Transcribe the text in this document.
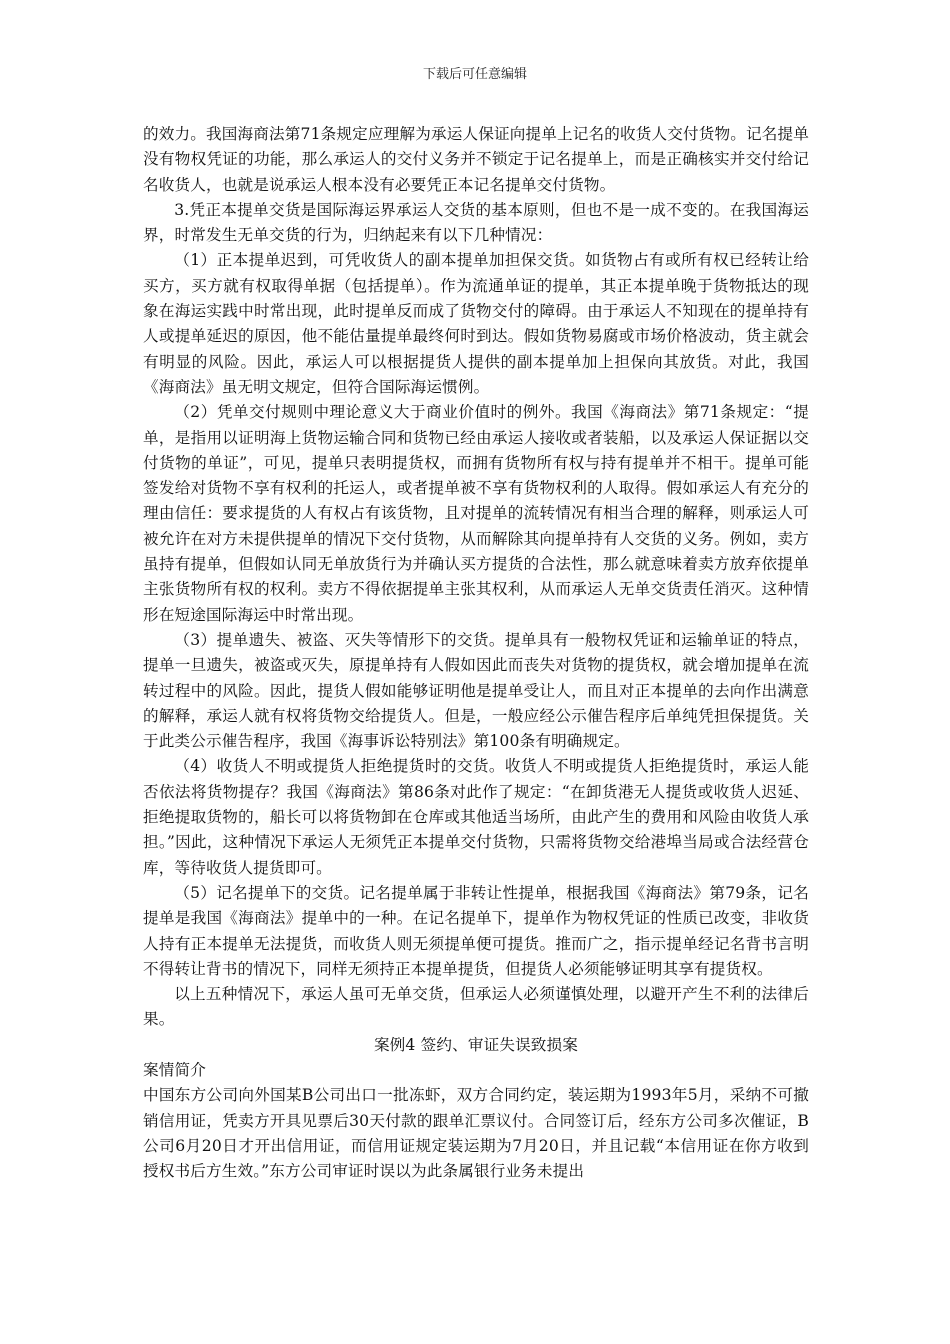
下载后可任意编辑

的效力。我国海商法第71条规定应理解为承运人保证向提单上记名的收货人交付货物。记名提单没有物权凭证的功能，那么承运人的交付义务并不锁定于记名提单上，而是正确核实并交付给记名收货人，也就是说承运人根本没有必要凭正本记名提单交付货物。

3.凭正本提单交货是国际海运界承运人交货的基本原则，但也不是一成不变的。在我国海运界，时常发生无单交货的行为，归纳起来有以下几种情况：

（1）正本提单迟到，可凭收货人的副本提单加担保交货。如货物占有或所有权已经转让给买方，买方就有权取得单据（包括提单）。作为流通单证的提单，其正本提单晚于货物抵达的现象在海运实践中时常出现，此时提单反而成了货物交付的障碍。由于承运人不知现在的提单持有人或提单延迟的原因，他不能估量提单最终何时到达。假如货物易腐或市场价格波动，货主就会有明显的风险。因此，承运人可以根据提货人提供的副本提单加上担保向其放货。对此，我国《海商法》虽无明文规定，但符合国际海运惯例。

（2）凭单交付规则中理论意义大于商业价值时的例外。我国《海商法》第71条规定：“提单，是指用以证明海上货物运输合同和货物已经由承运人接收或者装船，以及承运人保证据以交付货物的单证”，可见，提单只表明提货权，而拥有货物所有权与持有提单并不相干。提单可能签发给对货物不享有权利的托运人，或者提单被不享有货物权利的人取得。假如承运人有充分的理由信任：要求提货的人有权占有该货物，且对提单的流转情况有相当合理的解释，则承运人可被允许在对方未提供提单的情况下交付货物，从而解除其向提单持有人交货的义务。例如，卖方虽持有提单，但假如认同无单放货行为并确认买方提货的合法性，那么就意味着卖方放弃依提单主张货物所有权的权利。卖方不得依据提单主张其权利，从而承运人无单交货责任消灭。这种情形在短途国际海运中时常出现。

（3）提单遗失、被盗、灭失等情形下的交货。提单具有一般物权凭证和运输单证的特点，提单一旦遗失，被盗或灭失，原提单持有人假如因此而丧失对货物的提货权，就会增加提单在流转过程中的风险。因此，提货人假如能够证明他是提单受让人，而且对正本提单的去向作出满意的解释，承运人就有权将货物交给提货人。但是，一般应经公示催告程序后单纯凭担保提货。关于此类公示催告程序，我国《海事诉讼特别法》第100条有明确规定。

（4）收货人不明或提货人拒绝提货时的交货。收货人不明或提货人拒绝提货时，承运人能否依法将货物提存？我国《海商法》第86条对此作了规定：“在卸货港无人提货或收货人迟延、拒绝提取货物的，船长可以将货物卸在仓库或其他适当场所，由此产生的费用和风险由收货人承担。”因此，这种情况下承运人无须凭正本提单交付货物，只需将货物交给港埠当局或合法经营仓库，等待收货人提货即可。

（5）记名提单下的交货。记名提单属于非转让性提单，根据我国《海商法》第79条，记名提单是我国《海商法》提单中的一种。在记名提单下，提单作为物权凭证的性质已改变，非收货人持有正本提单无法提货，而收货人则无须提单便可提货。推而广之，指示提单经记名背书言明不得转让背书的情况下，同样无须持正本提单提货，但提货人必须能够证明其享有提货权。

以上五种情况下，承运人虽可无单交货，但承运人必须谨慎处理，以避开产生不利的法律后果。

案例4 签约、审证失误致损案

案情简介

中国东方公司向外国某B公司出口一批冻虾，双方合同约定，装运期为1993年5月，采纳不可撤销信用证，凭卖方开具见票后30天付款的跟单汇票议付。合同签订后，经东方公司多次催证，B公司6月20日才开出信用证，而信用证规定装运期为7月20日，并且记载“本信用证在你方收到授权书后方生效。”东方公司审证时误以为此条属银行业务未提出
